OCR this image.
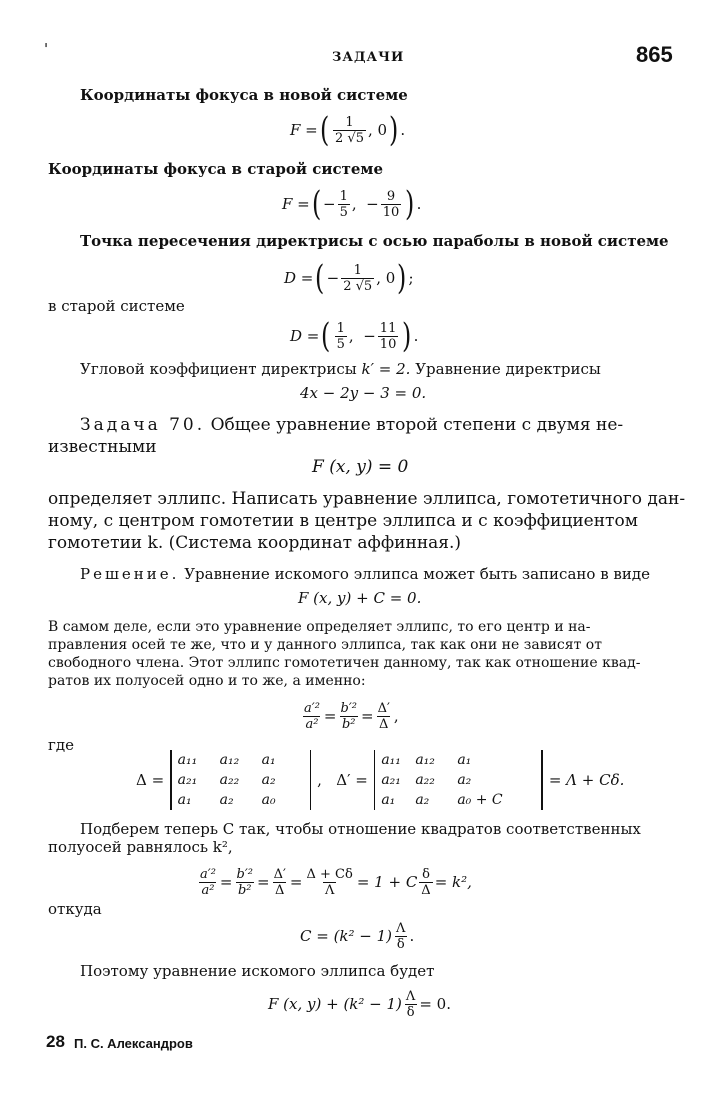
'	ЗАДАЧИ	865
Координаты фокуса в новой системе
F = ( $\frac{1}{2 √5}$ , 0 ) .
Координаты фокуса в старой системе
F = ( − $\frac{1}{5}$ ,  − $\frac{9}{10}$ ) .
Точка пересечения директрисы с осью параболы в новой системе
D = ( − $\frac{1}{2 √5}$ , 0 ) ;
в старой системе
D = ( $\frac{1}{5}$ ,  − $\frac{11}{10}$ ) .
Угловой коэффициент директрисы k′ = 2. Уравнение директрисы
4x − 2y − 3 = 0.
Задача 70. Общее уравнение второй степени с двумя не-
известными
F (x, y) = 0
определяет эллипс. Написать уравнение эллипса, гомотетичного дан-
ному, с центром гомотетии в центре эллипса и с коэффициентом
гомотетии k. (Система координат аффинная.)
Решение. Уравнение искомого эллипса может быть записано в виде
F (x, y) + C = 0.
В самом деле, если это уравнение определяет эллипс, то его центр и на-
правления осей те же, что и у данного эллипса, так как они не зависят от
свободного члена. Этот эллипс гомотетичен данному, так как отношение квад-
ратов их полуосей одно и то же, а именно:
$\frac{\text{a′²}}{\text{a²}} = \frac{\text{b′²}}{\text{b²}} = \frac{\Delta'}{\Delta}$ ,
где
Δ =
a₁₁	a₁₂	a₁
a₂₁	a₂₂	a₂
a₁	a₂	a₀
, Δ′ =
a₁₁	a₁₂	a₁
a₂₁	a₂₂	a₂
a₁	a₂	a₀ + C
= Λ + Cδ.
Подберем теперь C так, чтобы отношение квадратов соответственных
полуосей равнялось k²,
$\frac{\text{a′²}}{\text{a²}} = \frac{\text{b′²}}{\text{b²}} = \frac{\Delta'}{\Delta} = \frac{\Delta + C\delta}{\Lambda} = 1 + C \frac{\delta}{\Delta} = k^2$,
откуда
$C = (k^2 - 1) \frac{\Lambda}{\delta}$ .
Поэтому уравнение искомого эллипса будет
F (x, $y) + (k^2 - 1) \frac{\Lambda}{\delta} = 0$.
28 П. С. Александров
